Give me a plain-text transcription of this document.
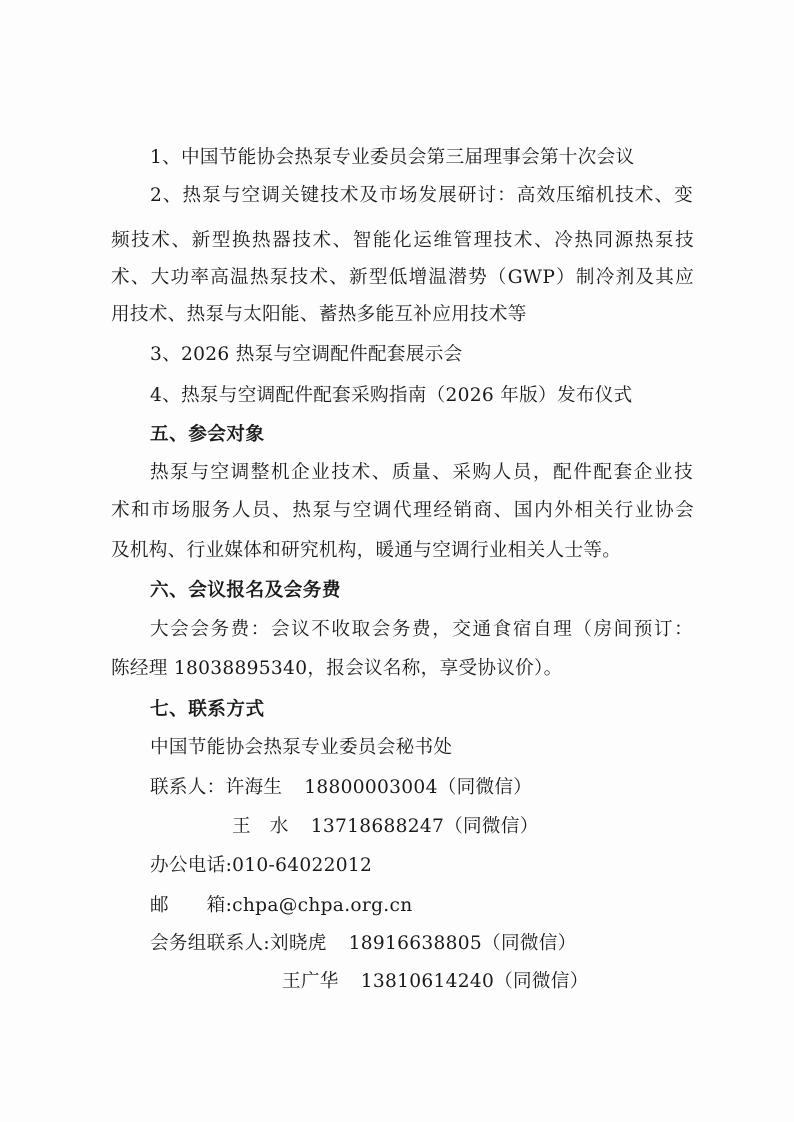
1、中国节能协会热泵专业委员会第三届理事会第十次会议
2、热泵与空调关键技术及市场发展研讨：高效压缩机技术、变
频技术、新型换热器技术、智能化运维管理技术、冷热同源热泵技
术、大功率高温热泵技术、新型低增温潜势（GWP）制冷剂及其应
用技术、热泵与太阳能、蓄热多能互补应用技术等
3、2026 热泵与空调配件配套展示会
4、热泵与空调配件配套采购指南（2026 年版）发布仪式
五、参会对象
热泵与空调整机企业技术、质量、采购人员，配件配套企业技
术和市场服务人员、热泵与空调代理经销商、国内外相关行业协会
及机构、行业媒体和研究机构，暖通与空调行业相关人士等。
六、会议报名及会务费
大会会务费：会议不收取会务费，交通食宿自理（房间预订：
陈经理 18038895340，报会议名称，享受协议价）。
七、联系方式
中国节能协会热泵专业委员会秘书处
联系人：许海生 18800003004（同微信）
王　水 13718688247（同微信）
办公电话:010-64022012
邮　　箱:chpa@chpa.org.cn
会务组联系人:刘晓虎 18916638805（同微信）
王广华 13810614240（同微信）
